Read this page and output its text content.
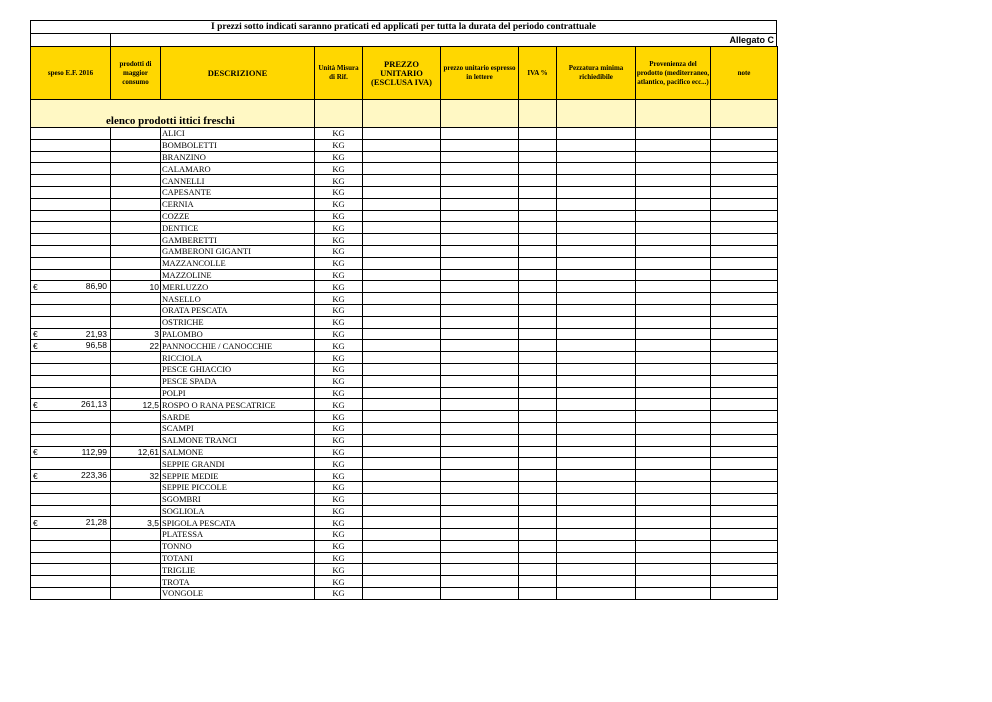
I prezzi sotto indicati saranno praticati ed applicati per tutta la durata del periodo contrattuale
Allegato C
speso E.F. 2016	prodotti di maggior consumo	DESCRIZIONE	Unità Misura di Rif.	PREZZO UNITARIO (ESCLUSA IVA)	prezzo unitario espresso in lettere	IVA %	Pezzatura minima richiedibile	Provenienza del prodotto (mediterraneo, atlantico, pacifico ecc...)	note
elenco prodotti ittici freschi									

		ALICI	KG						

		BOMBOLETTI	KG						

		BRANZINO	KG						

		CALAMARO	KG						

		CANNELLI	KG						

		CAPESANTE	KG						

		CERNIA	KG						

		COZZE	KG						

		DENTICE	KG						

		GAMBERETTI	KG						

		GAMBERONI GIGANTI	KG						

		MAZZANCOLLE	KG						

		MAZZOLINE	KG						
€ 86,90	10	MERLUZZO	KG						

		NASELLO	KG						

		ORATA PESCATA	KG						

		OSTRICHE	KG						
€ 21,93	3	PALOMBO	KG						
€ 96,58	22	PANNOCCHIE / CANOCCHIE	KG						

		RICCIOLA	KG						

		PESCE GHIACCIO	KG						

		PESCE SPADA	KG						

		POLPI	KG						
€ 261,13	12,5	ROSPO O RANA PESCATRICE	KG						

		SARDE	KG						

		SCAMPI	KG						

		SALMONE TRANCI	KG						
€ 112,99	12,61	SALMONE	KG						

		SEPPIE GRANDI	KG						
€ 223,36	32	SEPPIE MEDIE	KG						

		SEPPIE PICCOLE	KG						

		SGOMBRI	KG						

		SOGLIOLA	KG						
€ 21,28	3,5	SPIGOLA PESCATA	KG						

		PLATESSA	KG						

		TONNO	KG						

		TOTANI	KG						

		TRIGLIE	KG						

		TROTA	KG						

		VONGOLE	KG						
